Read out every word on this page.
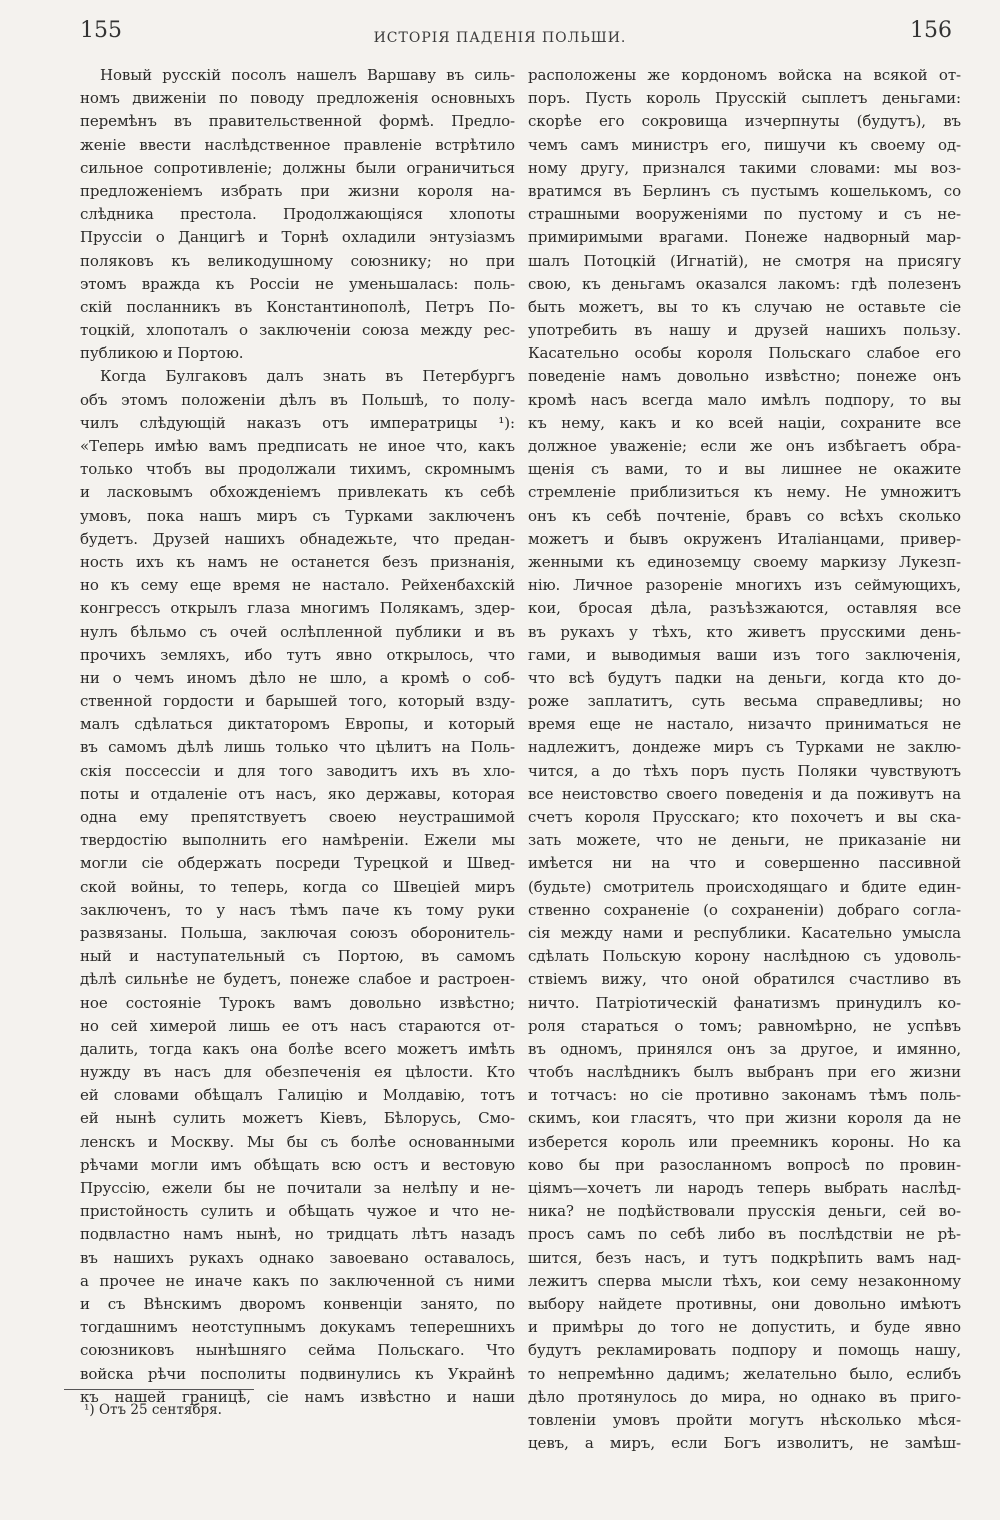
155	ИСТОРІЯ ПАДЕНІЯ ПОЛЬШИ.	156
Новый русскій посолъ нашелъ Варшаву въ силь-
номъ движеніи по поводу предложенія основныхъ
перемѣнъ въ правительственной формѣ. Предло-
женіе ввести наслѣдственное правленіе встрѣтило
сильное сопротивленіе; должны были ограничиться
предложеніемъ избрать при жизни короля на-
слѣдника престола. Продолжающіяся хлопоты
Пруссіи о Данцигѣ и Торнѣ охладили энтузіазмъ
поляковъ къ великодушному союзнику; но при
этомъ вражда къ Россіи не уменьшалась: поль-
скій посланникъ въ Константинополѣ, Петръ По-
тоцкій, хлопоталъ о заключеніи союза между рес-
публикою и Портою.
Когда Булгаковъ далъ знать въ Петербургъ
объ этомъ положеніи дѣлъ въ Польшѣ, то полу-
чилъ слѣдующій наказъ отъ императрицы ¹):
«Теперь имѣю вамъ предписать не иное что, какъ
только чтобъ вы продолжали тихимъ, скромнымъ
и ласковымъ обхожденіемъ привлекать къ себѣ
умовъ, пока нашъ миръ съ Турками заключенъ
будетъ. Друзей нашихъ обнадежьте, что предан-
ность ихъ къ намъ не останется безъ признанія,
но къ сему еще время не настало. Рейхенбахскій
конгрессъ открылъ глаза многимъ Полякамъ, здер-
нулъ бѣльмо съ очей ослѣпленной публики и въ
прочихъ земляхъ, ибо тутъ явно открылось, что
ни о чемъ иномъ дѣло не шло, а кромѣ о соб-
ственной гордости и барышей того, который взду-
малъ сдѣлаться диктаторомъ Европы, и который
въ самомъ дѣлѣ лишь только что цѣлитъ на Поль-
скія поссессіи и для того заводитъ ихъ въ хло-
поты и отдаленіе отъ насъ, яко державы, которая
одна ему препятствуетъ своею неустрашимой
твердостію выполнить его намѣреніи. Ежели мы
могли сіе обдержать посреди Турецкой и Швед-
ской войны, то теперь, когда со Швеціей миръ
заключенъ, то у насъ тѣмъ паче къ тому руки
развязаны. Польша, заключая союзъ оборонитель-
ный и наступательный съ Портою, въ самомъ
дѣлѣ сильнѣе не будетъ, понеже слабое и растроен-
ное состояніе Турокъ вамъ довольно извѣстно;
но сей химерой лишь ее отъ насъ стараются от-
далить, тогда какъ она болѣе всего можетъ имѣть
нужду въ насъ для обезпеченія ея цѣлости. Кто
ей словами обѣщалъ Галицію и Молдавію, тотъ
ей нынѣ сулить можетъ Кіевъ, Бѣлорусь, Смо-
ленскъ и Москву. Мы бы съ болѣе основанными
рѣчами могли имъ обѣщать всю остъ и вестовую
Пруссію, ежели бы не почитали за нелѣпу и не-
пристойность сулить и обѣщать чужое и что не-
подвластно намъ нынѣ, но тридцать лѣтъ назадъ
въ нашихъ рукахъ однако завоевано оставалось,
а прочее не иначе какъ по заключенной съ ними
и съ Вѣнскимъ дворомъ конвенціи занято, по
тогдашнимъ неотступнымъ докукамъ теперешнихъ
союзниковъ нынѣшняго сейма Польскаго. Что
войска рѣчи посполиты подвинулись къ Украйнѣ
къ нашей границѣ, сіе намъ извѣстно и наши
расположены же кордономъ войска на всякой от-
поръ. Пусть король Прусскій сыплетъ деньгами:
скорѣе его сокровища изчерпнуты (будутъ), въ
чемъ самъ министръ его, пишучи къ своему од-
ному другу, признался такими словами: мы воз-
вратимся въ Берлинъ съ пустымъ кошелькомъ, со
страшными вооруженіями по пустому и съ не-
примиримыми врагами. Понеже надворный мар-
шалъ Потоцкій (Игнатій), не смотря на присягу
свою, къ деньгамъ оказался лакомъ: гдѣ полезенъ
быть можетъ, вы то къ случаю не оставьте сіе
употребить въ нашу и друзей нашихъ пользу.
Касательно особы короля Польскаго слабое его
поведеніе намъ довольно извѣстно; понеже онъ
кромѣ насъ всегда мало имѣлъ подпору, то вы
къ нему, какъ и ко всей націи, сохраните все
должное уваженіе; если же онъ избѣгаетъ обра-
щенія съ вами, то и вы лишнее не окажите
стремленіе приблизиться къ нему. Не умножитъ
онъ къ себѣ почтеніе, бравъ со всѣхъ сколько
можетъ и бывъ окруженъ Италіанцами, привер-
женными къ единоземцу своему маркизу Лукезп-
нію. Личное разореніе многихъ изъ сеймующихъ,
кои, бросая дѣла, разъѣзжаются, оставляя все
въ рукахъ у тѣхъ, кто живетъ прусскими день-
гами, и выводимыя ваши изъ того заключенія,
что всѣ будутъ падки на деньги, когда кто до-
роже заплатитъ, суть весьма справедливы; но
время еще не настало, низачто приниматься не
надлежитъ, дондеже миръ съ Турками не заклю-
чится, а до тѣхъ поръ пусть Поляки чувствуютъ
все неистовство своего поведенія и да поживутъ на
счетъ короля Прусскаго; кто похочетъ и вы ска-
зать можете, что не деньги, не приказаніе ни
имѣется ни на что и совершенно пассивной
(будьте) смотритель происходящаго и бдите един-
ственно сохраненіе (о сохраненіи) добраго согла-
сія между нами и республики. Касательно умысла
сдѣлать Польскую корону наслѣдною съ удоволь-
ствіемъ вижу, что оной обратился счастливо въ
ничто. Патріотическій фанатизмъ принудилъ ко-
роля стараться о томъ; равномѣрно, не успѣвъ
въ одномъ, принялся онъ за другое, и имянно,
чтобъ наслѣдникъ былъ выбранъ при его жизни
и тотчасъ: но сіе противно законамъ тѣмъ поль-
скимъ, кои гласятъ, что при жизни короля да не
изберется король или преемникъ короны. Но ка
ково бы при разосланномъ вопросѣ по провин-
ціямъ—хочетъ ли народъ теперь выбрать наслѣд-
ника? не подѣйствовали прусскія деньги, сей во-
просъ самъ по себѣ либо въ послѣдствіи не рѣ-
шится, безъ насъ, и тутъ подкрѣпить вамъ над-
лежитъ сперва мысли тѣхъ, кои сему незаконному
выбору найдете противны, они довольно имѣютъ
и примѣры до того не допустить, и буде явно
будутъ рекламировать подпору и помощь нашу,
то непремѣнно дадимъ; желательно было, еслибъ
дѣло протянулось до мира, но однако въ приго-
товленіи умовъ пройти могутъ нѣсколько мѣся-
цевъ, а миръ, если Богъ изволитъ, не замѣш-
¹) Отъ 25 сентября.
